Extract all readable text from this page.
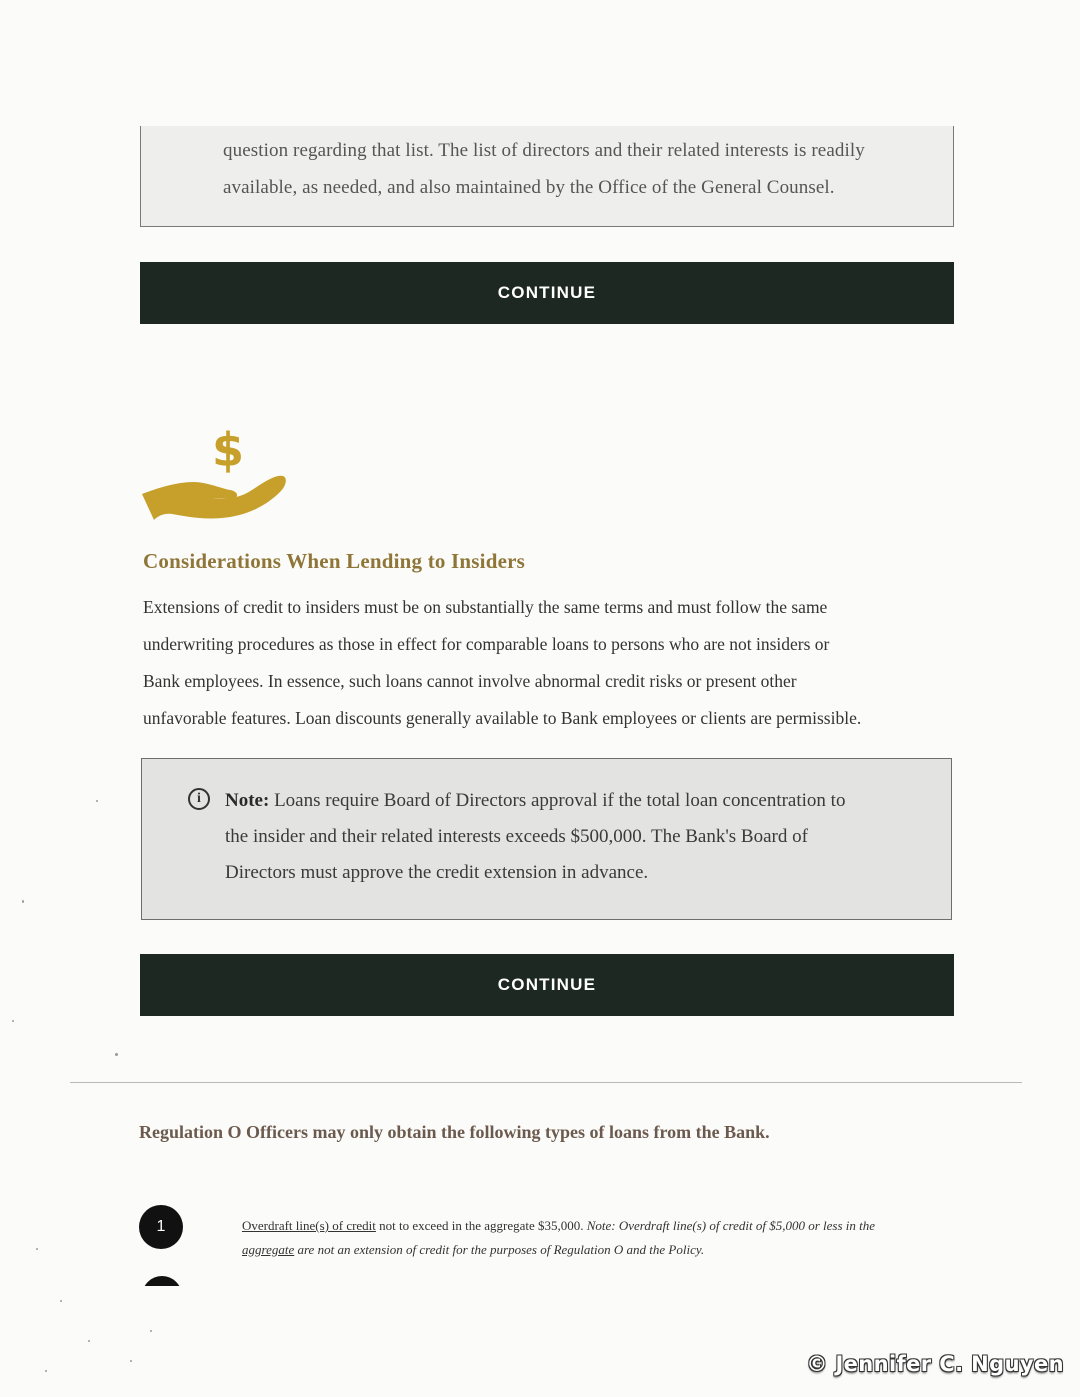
question regarding that list. The list of directors and their related interests is readily
available, as needed, and also maintained by the Office of the General Counsel.
CONTINUE
$
Considerations When Lending to Insiders
Extensions of credit to insiders must be on substantially the same terms and must follow the same
underwriting procedures as those in effect for comparable loans to persons who are not insiders or
Bank employees. In essence, such loans cannot involve abnormal credit risks or present other
unfavorable features. Loan discounts generally available to Bank employees or clients are permissible.
i	Note: Loans require Board of Directors approval if the total loan concentration to
the insider and their related interests exceeds $500,000. The Bank's Board of
Directors must approve the credit extension in advance.
CONTINUE
Regulation O Officers may only obtain the following types of loans from the Bank.
1	Overdraft line(s) of credit not to exceed in the aggregate $35,000. Note: Overdraft line(s) of credit of $5,000 or less in the
aggregate are not an extension of credit for the purposes of Regulation O and the Policy.
© Jennifer C. Nguyen
